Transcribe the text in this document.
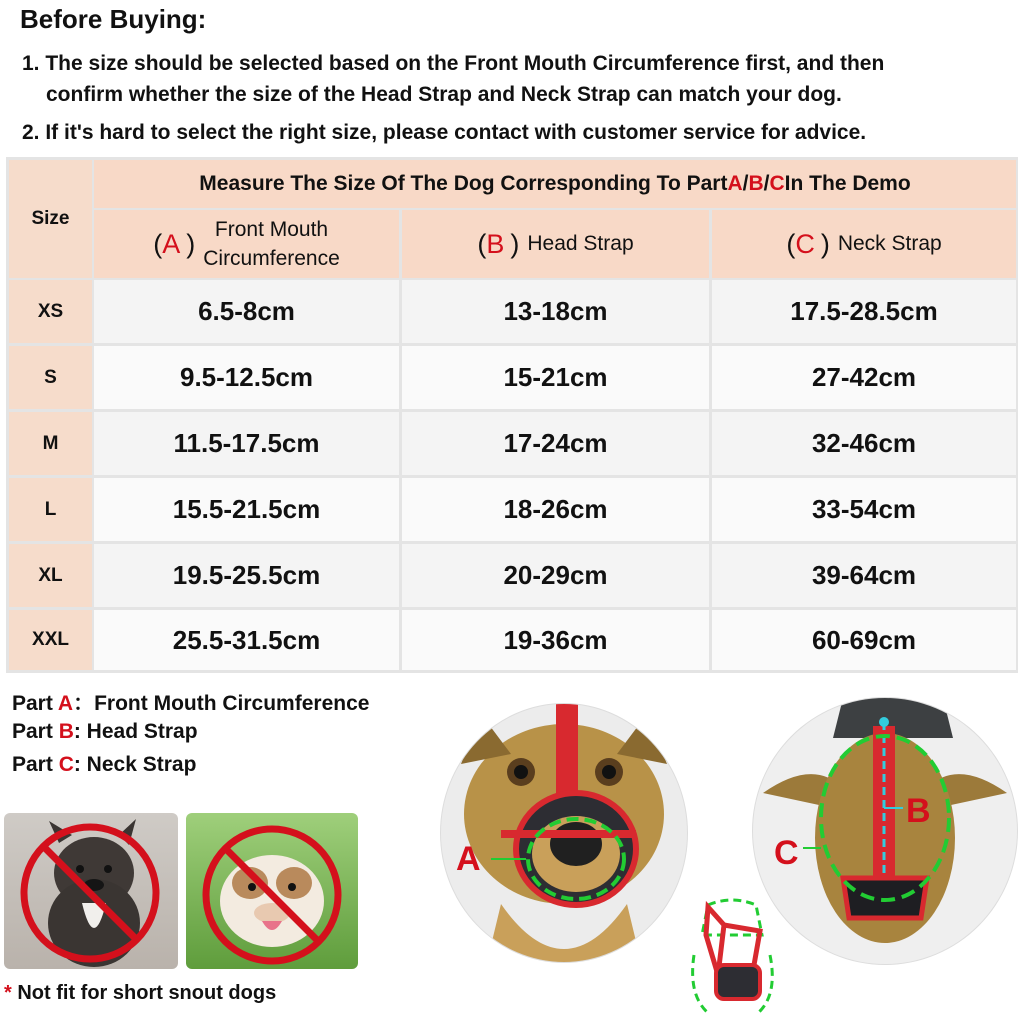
Before Buying:
1. The size should be selected based on the Front Mouth Circumference first, and then
confirm whether the size of the Head Strap and Neck Strap can match your dog.
2. If it's hard to select the right size, please contact with customer service for advice.
Measure The Size Of The Dog Corresponding To Part A / B / C In The Demo
Size
( A ) Front Mouth
Circumference	( B ) Head Strap	( C ) Neck Strap
XS	6.5-8cm	13-18cm	17.5-28.5cm
S	9.5-12.5cm	15-21cm	27-42cm
M	11.5-17.5cm	17-24cm	32-46cm
L	15.5-21.5cm	18-26cm	33-54cm
XL	19.5-25.5cm	20-29cm	39-64cm
XXL	25.5-31.5cm	19-36cm	60-69cm
Part A：Front Mouth Circumference
Part B: Head Strap
Part C: Neck Strap
* Not fit for short snout dogs
A
B
C
